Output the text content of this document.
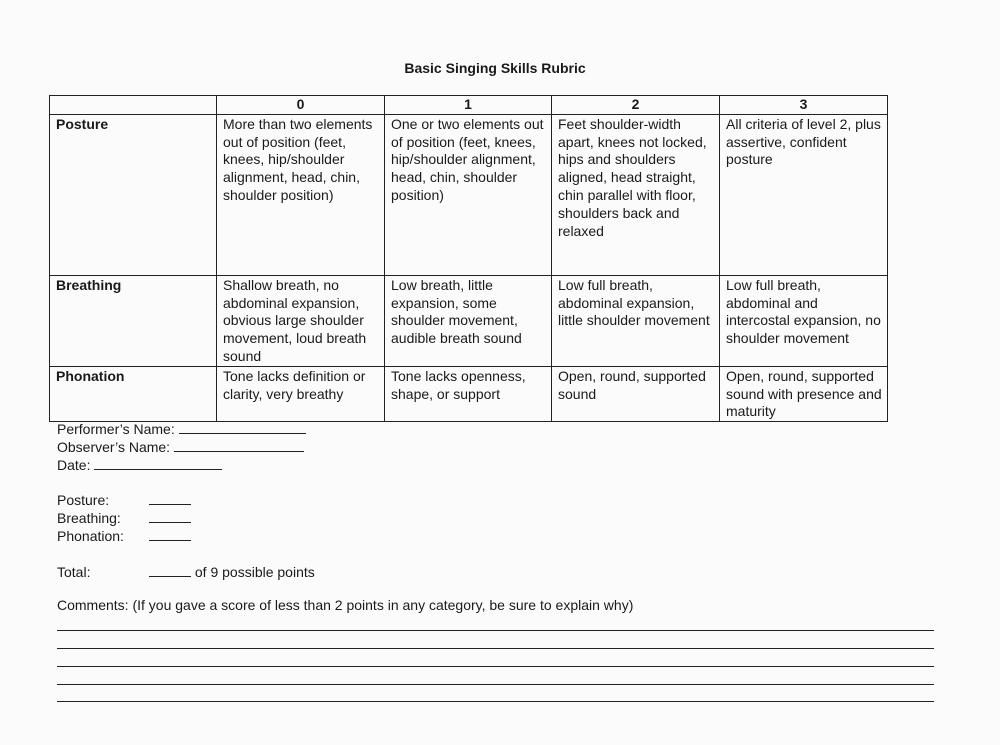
Basic Singing Skills Rubric
	0	1	2	3
Posture	More than two elements out of position (feet, knees, hip/shoulder alignment, head, chin, shoulder position)	One or two elements out of position (feet, knees, hip/shoulder alignment, head, chin, shoulder position)	Feet shoulder-width apart, knees not locked, hips and shoulders aligned, head straight, chin parallel with floor, shoulders back and relaxed	All criteria of level 2, plus assertive, confident posture
Breathing	Shallow breath, no abdominal expansion, obvious large shoulder movement, loud breath sound	Low breath, little expansion, some shoulder movement, audible breath sound	Low full breath, abdominal expansion, little shoulder movement	Low full breath, abdominal and intercostal expansion, no shoulder movement
Phonation	Tone lacks definition or clarity, very breathy	Tone lacks openness, shape, or support	Open, round, supported sound	Open, round, supported sound with presence and maturity
Performer’s Name:
Observer’s Name:
Date:
Posture:
Breathing:
Phonation:
Total:	of 9 possible points
Comments: (If you gave a score of less than 2 points in any category, be sure to explain why)
